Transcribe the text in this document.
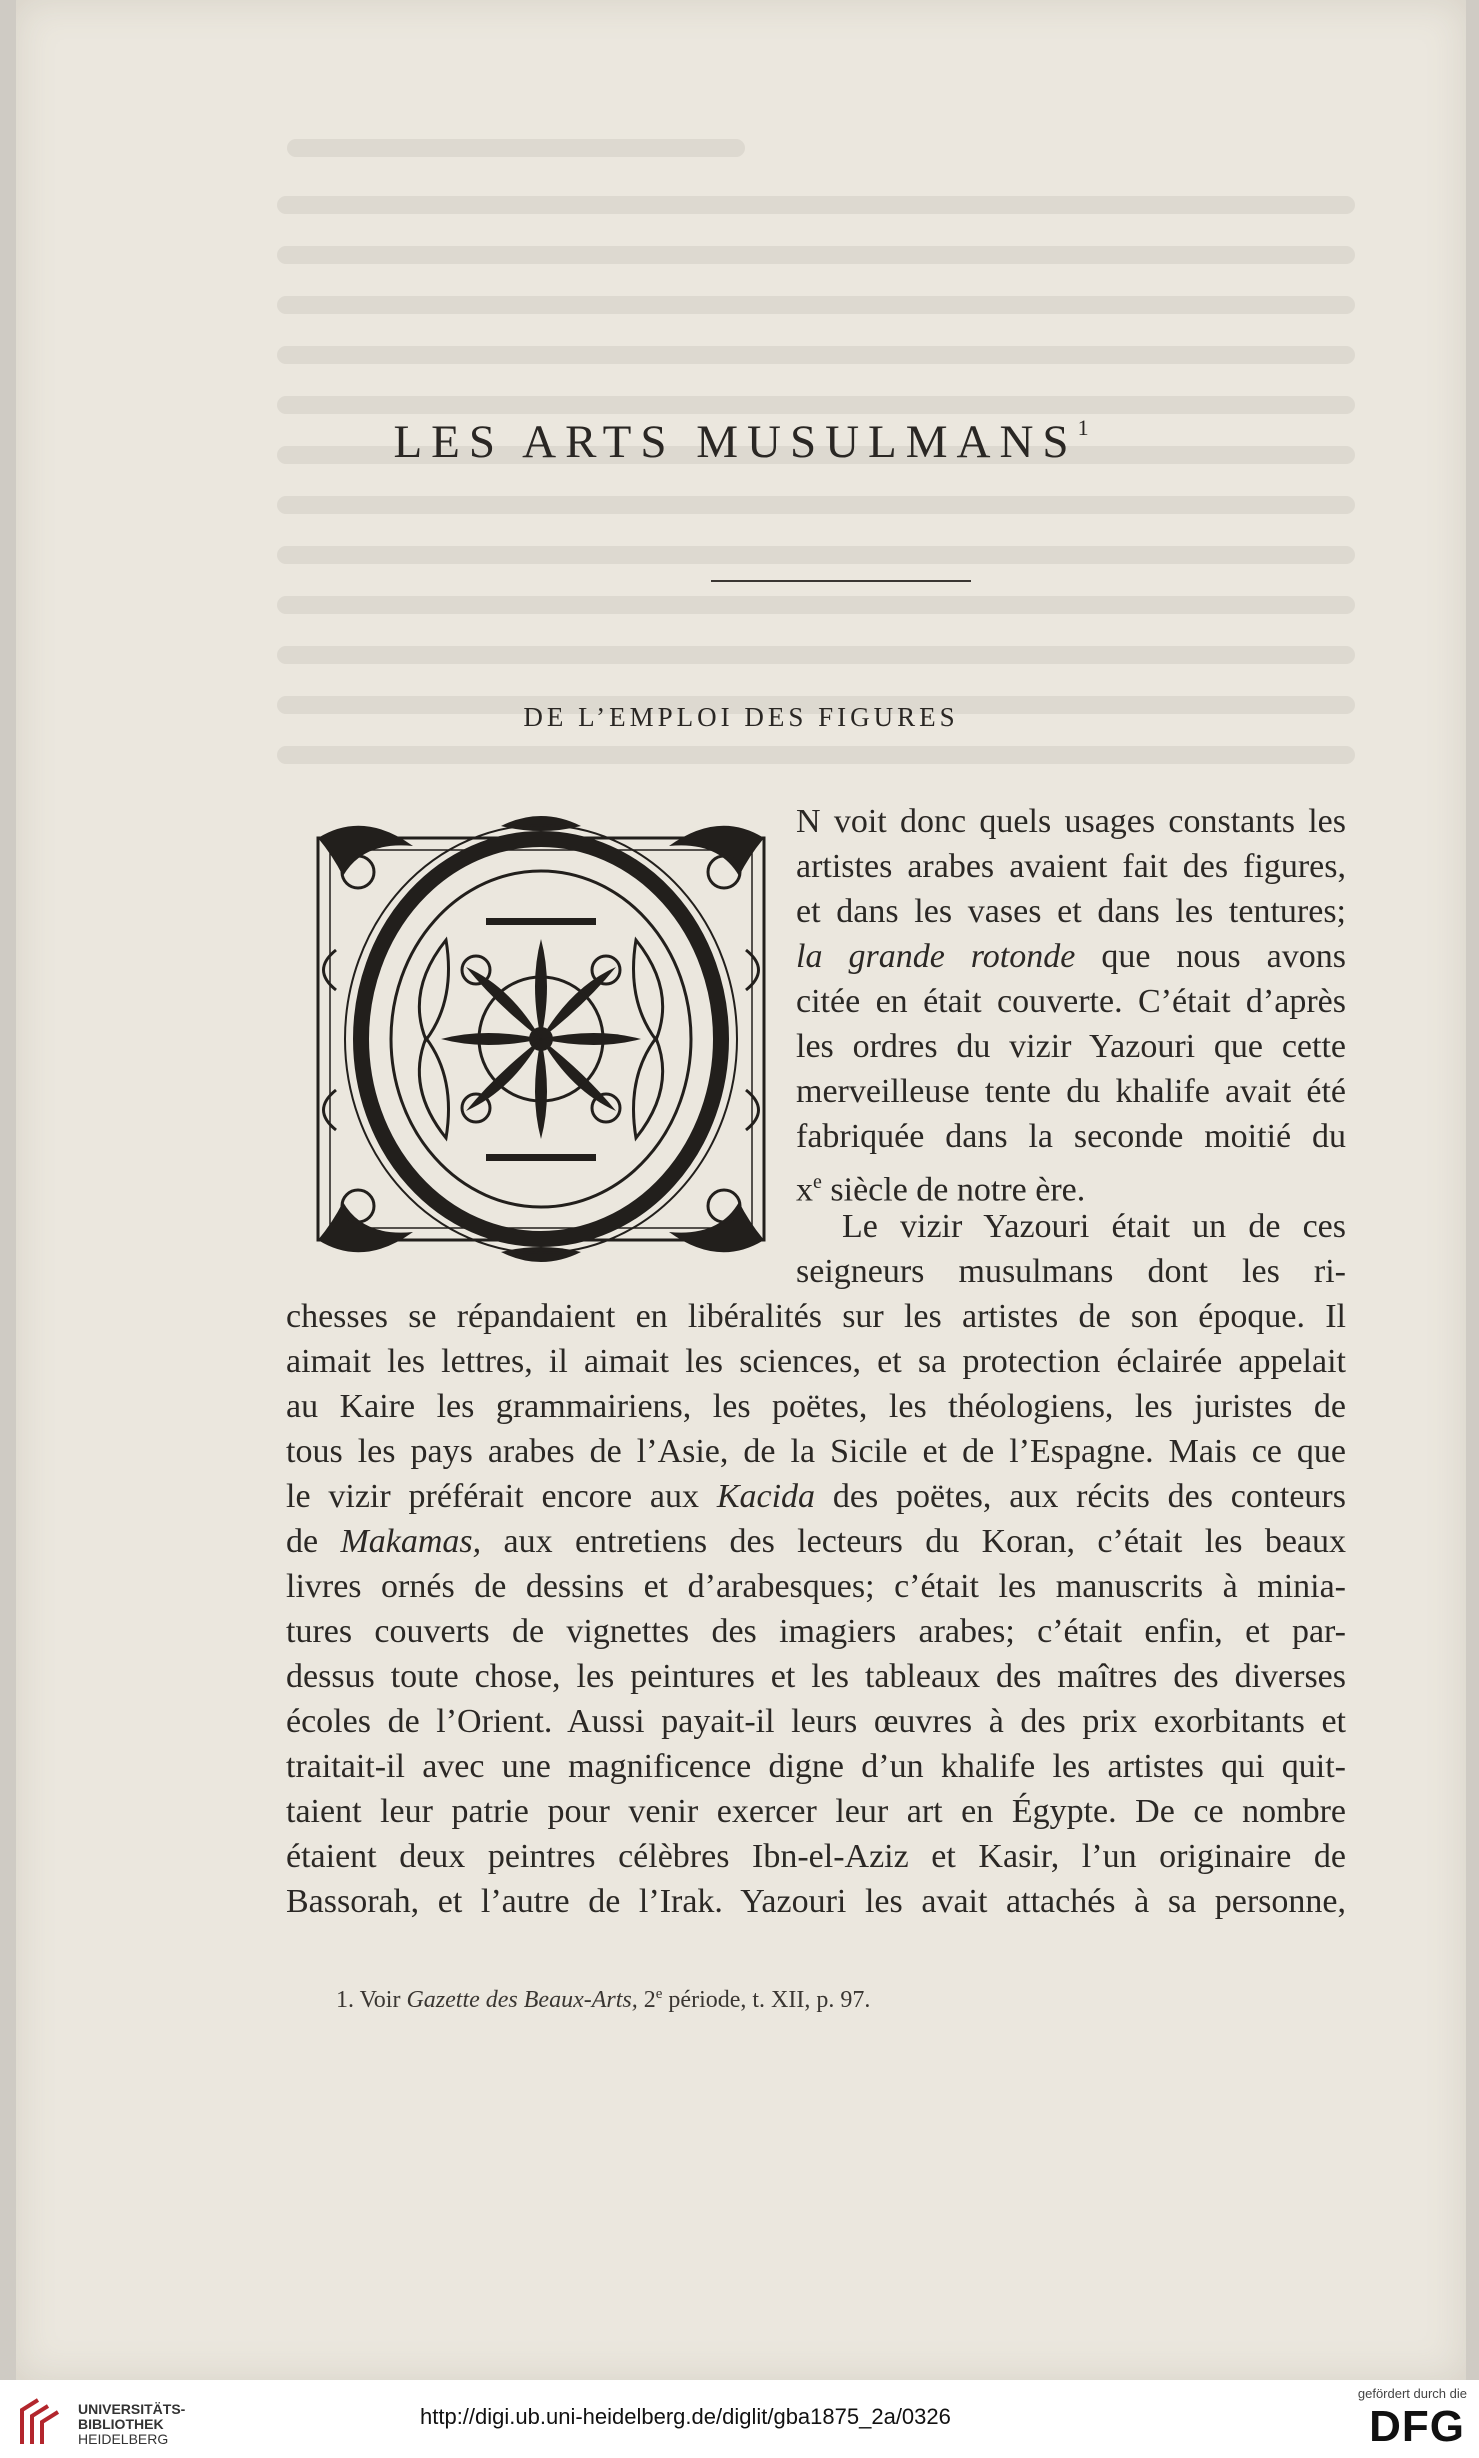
LES ARTS MUSULMANS$^1$
DE L’EMPLOI DES FIGURES
N voit donc quels usages constants les
artistes arabes avaient fait des figures,
et dans les vases et dans les tentures;
la grande rotonde que nous avons
citée en était couverte. C’était d’après
les ordres du vizir Yazouri que cette
merveilleuse tente du khalife avait été
fabriquée dans la seconde moitié du
$x^e$ siècle de notre ère.
Le vizir Yazouri était un de ces
seigneurs musulmans dont les ri-
chesses se répandaient en libéralités sur les artistes de son époque. Il
aimait les lettres, il aimait les sciences, et sa protection éclairée appelait
au Kaire les grammairiens, les poëtes, les théologiens, les juristes de
tous les pays arabes de l’Asie, de la Sicile et de l’Espagne. Mais ce que
le vizir préférait encore aux Kacida des poëtes, aux récits des conteurs
de Makamas, aux entretiens des lecteurs du Koran, c’était les beaux
livres ornés de dessins et d’arabesques; c’était les manuscrits à minia-
tures couverts de vignettes des imagiers arabes; c’était enfin, et par-
dessus toute chose, les peintures et les tableaux des maîtres des diverses
écoles de l’Orient. Aussi payait-il leurs œuvres à des prix exorbitants et
traitait-il avec une magnificence digne d’un khalife les artistes qui quit-
taient leur patrie pour venir exercer leur art en Égypte. De ce nombre
étaient deux peintres célèbres Ibn-el-Aziz et Kasir, l’un originaire de
Bassorah, et l’autre de l’Irak. Yazouri les avait attachés à sa personne,
1. Voir Gazette des Beaux-Arts, 2e période, t. XII, p. 97.
UNIVERSITÄTS-
BIBLIOTHEK
HEIDELBERG
http://digi.ub.uni-heidelberg.de/diglit/gba1875_2a/0326
gefördert durch die
DFG
